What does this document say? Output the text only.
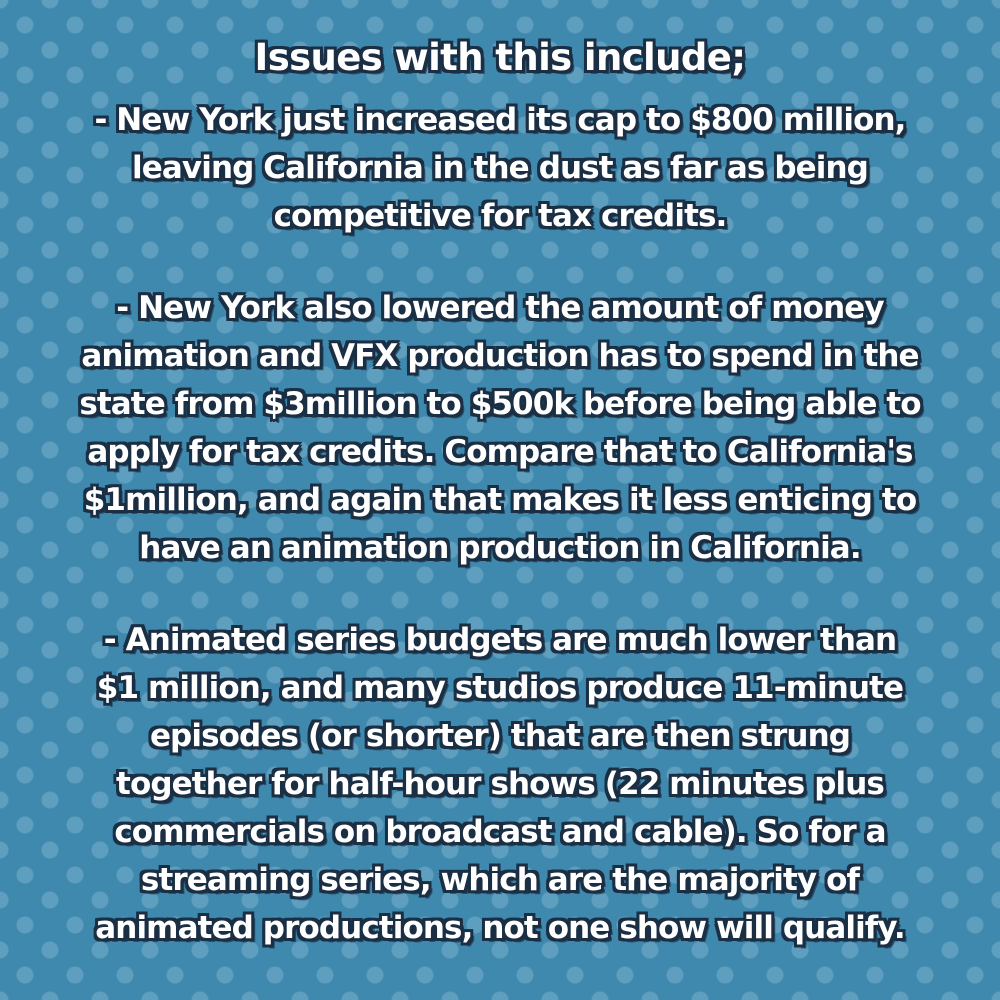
Issues with this include;

- New York just increased its cap to $800 million,
leaving California in the dust as far as being
competitive for tax credits.

- New York also lowered the amount of money
animation and VFX production has to spend in the
state from $3million to $500k before being able to
apply for tax credits. Compare that to California's
$1million, and again that makes it less enticing to
have an animation production in California.

- Animated series budgets are much lower than
$1 million, and many studios produce 11-minute
episodes (or shorter) that are then strung
together for half-hour shows (22 minutes plus
commercials on broadcast and cable). So for a
streaming series, which are the majority of
animated productions, not one show will qualify.
